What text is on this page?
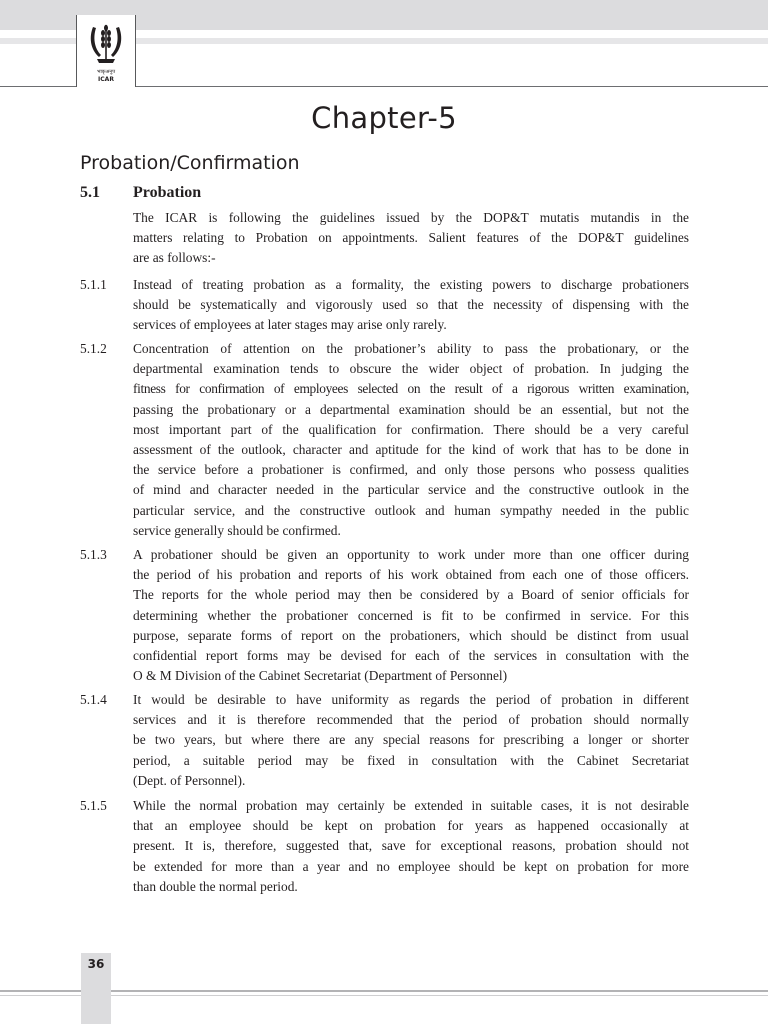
भाकृअनुप
ICAR
Chapter-5
Probation/Confirmation
5.1 Probation
The ICAR is following the guidelines issued by the DOP&T mutatis mutandis in the
matters relating to Probation on appointments. Salient features of the DOP&T guidelines
are as follows:-
5.1.1 Instead of treating probation as a formality, the existing powers to discharge probationers
should be systematically and vigorously used so that the necessity of dispensing with the
services of employees at later stages may arise only rarely.
5.1.2 Concentration of attention on the probationer’s ability to pass the probationary, or the
departmental examination tends to obscure the wider object of probation. In judging the
fitness for confirmation of employees selected on the result of a rigorous written examination,
passing the probationary or a departmental examination should be an essential, but not the
most important part of the qualification for confirmation. There should be a very careful
assessment of the outlook, character and aptitude for the kind of work that has to be done in
the service before a probationer is confirmed, and only those persons who possess qualities
of mind and character needed in the particular service and the constructive outlook in the
particular service, and the constructive outlook and human sympathy needed in the public
service generally should be confirmed.
5.1.3 A probationer should be given an opportunity to work under more than one officer during
the period of his probation and reports of his work obtained from each one of those officers.
The reports for the whole period may then be considered by a Board of senior officials for
determining whether the probationer concerned is fit to be confirmed in service. For this
purpose, separate forms of report on the probationers, which should be distinct from usual
confidential report forms may be devised for each of the services in consultation with the
O & M Division of the Cabinet Secretariat (Department of Personnel)
5.1.4 It would be desirable to have uniformity as regards the period of probation in different
services and it is therefore recommended that the period of probation should normally
be two years, but where there are any special reasons for prescribing a longer or shorter
period, a suitable period may be fixed in consultation with the Cabinet Secretariat
(Dept. of Personnel).
5.1.5 While the normal probation may certainly be extended in suitable cases, it is not desirable
that an employee should be kept on probation for years as happened occasionally at
present. It is, therefore, suggested that, save for exceptional reasons, probation should not
be extended for more than a year and no employee should be kept on probation for more
than double the normal period.
36
